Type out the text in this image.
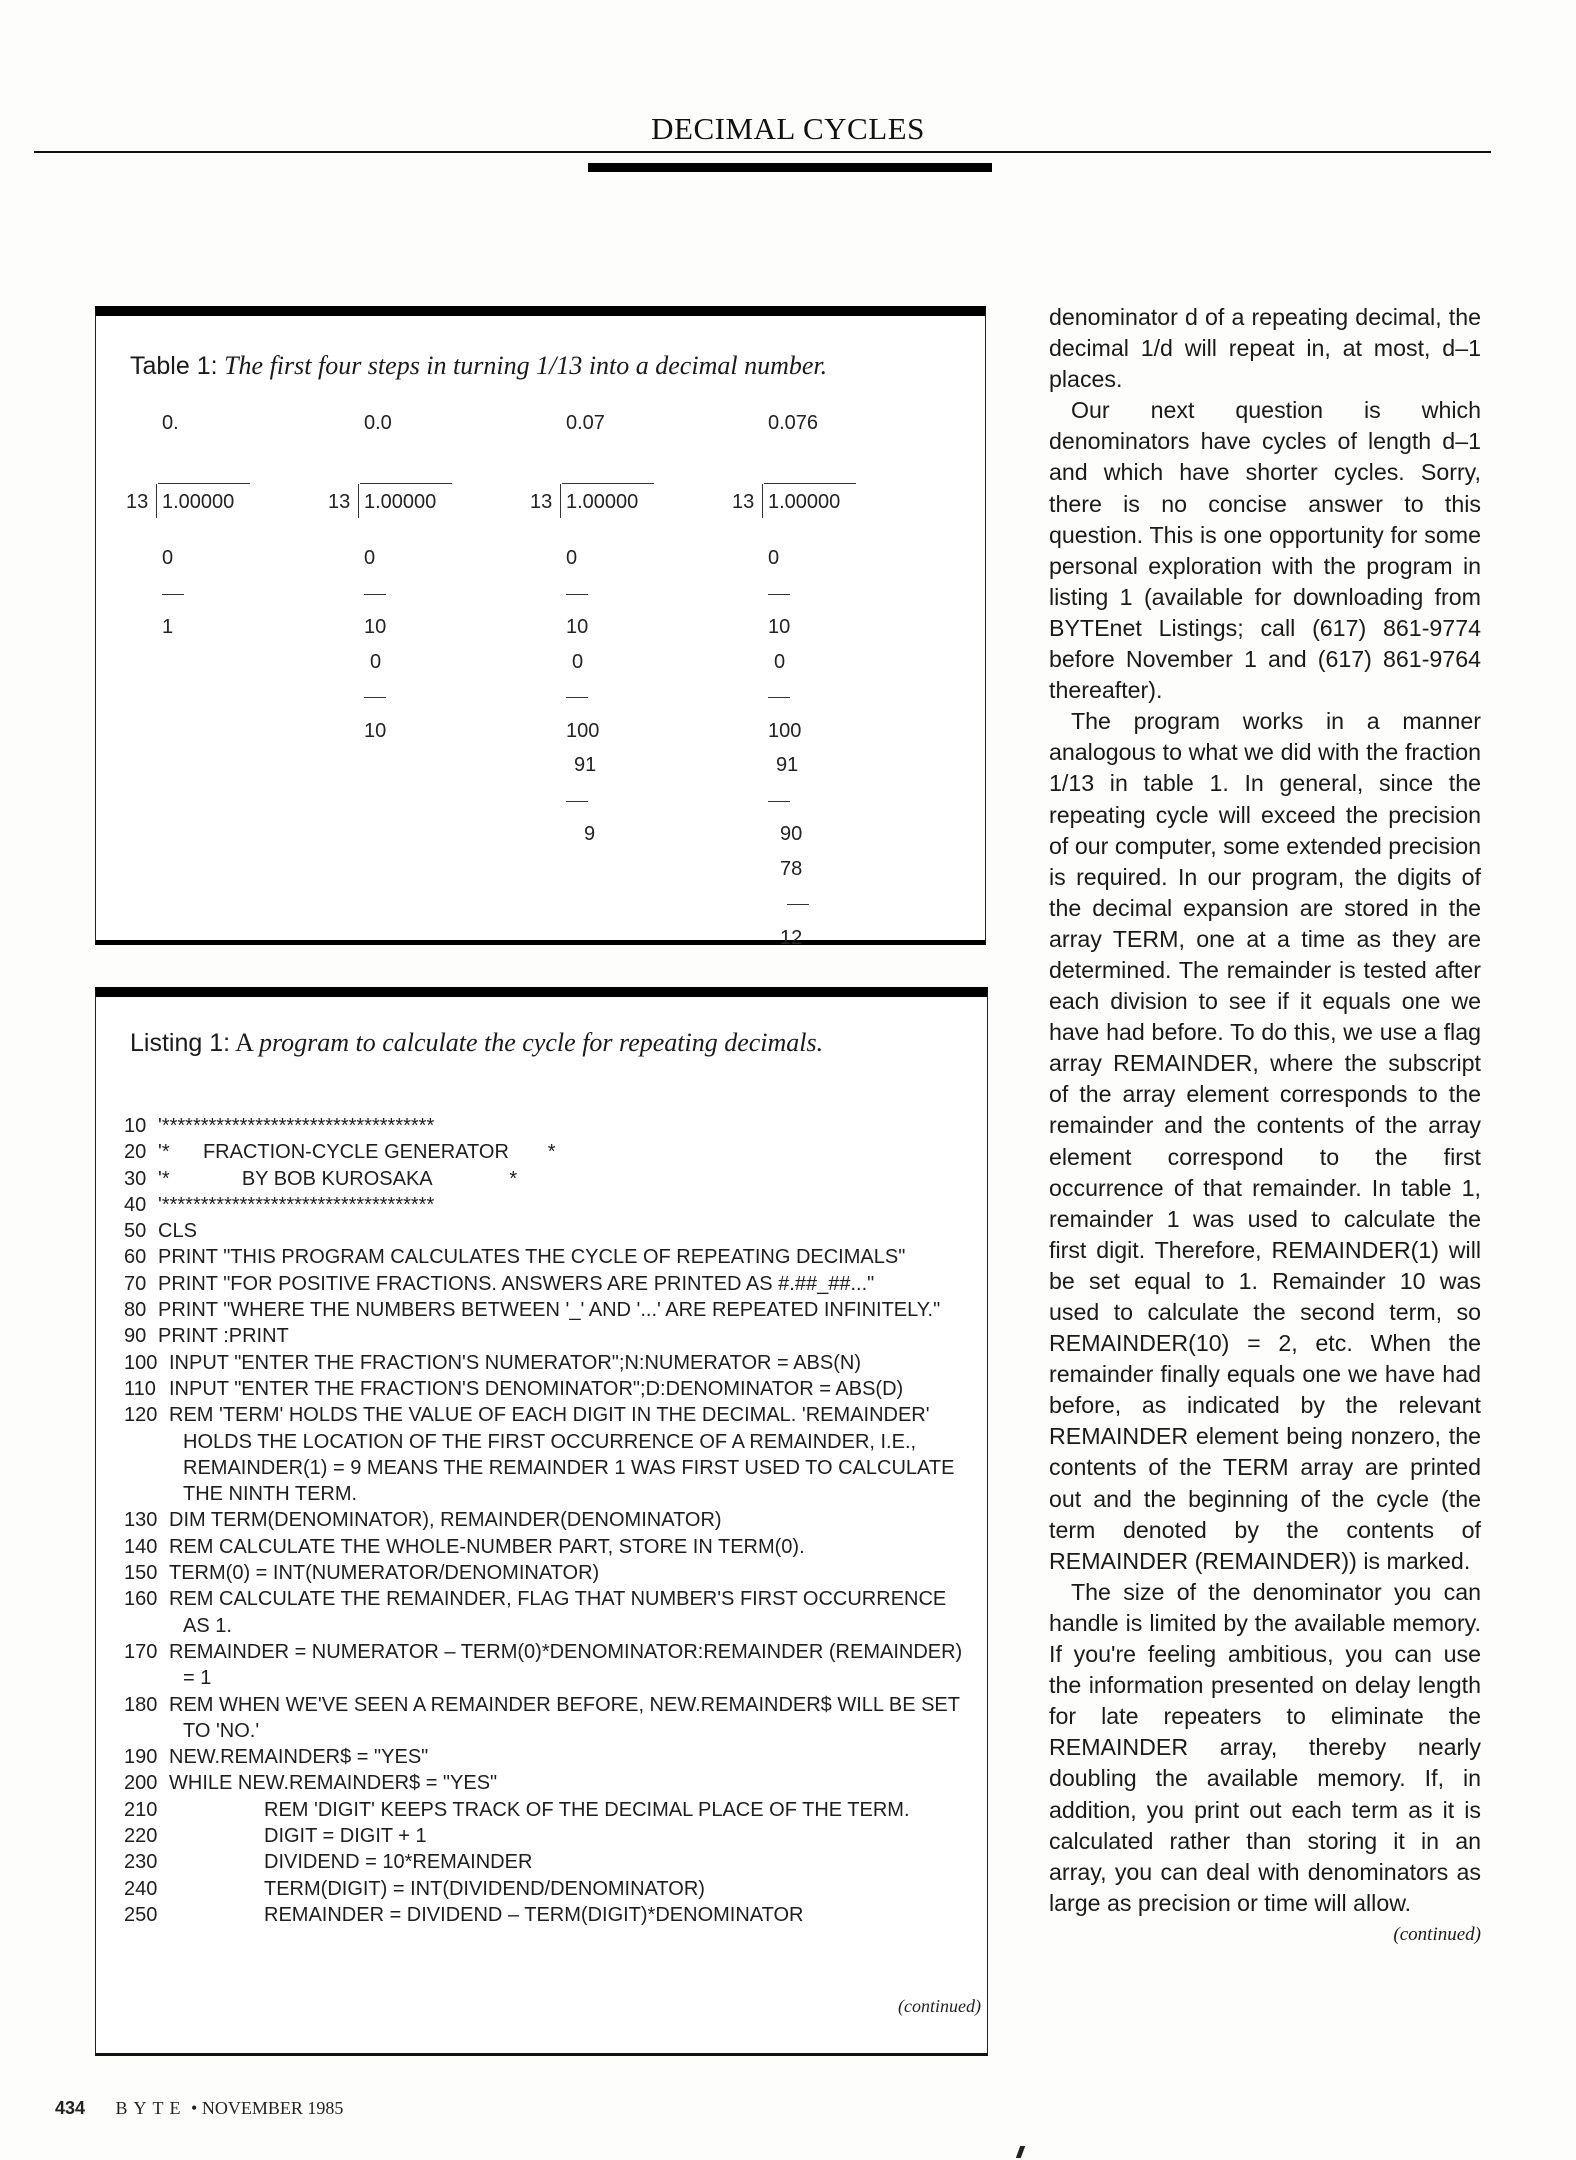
DECIMAL CYCLES
Table 1: The first four steps in turning 1/13 into a decimal number.
0.
13 1.00000
0
1
0.0
13 1.00000
0
10
0
10
0.07
13 1.00000
0
10
0
100
91
9
0.076
13 1.00000
0
10
0
100
91
90
78
12
Listing 1: A program to calculate the cycle for repeating decimals.
10 '***********************************
20 '*      FRACTION-CYCLE GENERATOR       *
30 '*             BY BOB KUROSAKA              *
40 '***********************************
50 CLS
60 PRINT "THIS PROGRAM CALCULATES THE CYCLE OF REPEATING DECIMALS"
70 PRINT "FOR POSITIVE FRACTIONS. ANSWERS ARE PRINTED AS #.##_##..."
80 PRINT "WHERE THE NUMBERS BETWEEN '_' AND '...' ARE REPEATED INFINITELY."
90 PRINT :PRINT
100 INPUT "ENTER THE FRACTION'S NUMERATOR";N:NUMERATOR = ABS(N)
110 INPUT "ENTER THE FRACTION'S DENOMINATOR";D:DENOMINATOR = ABS(D)
120 REM 'TERM' HOLDS THE VALUE OF EACH DIGIT IN THE DECIMAL. 'REMAINDER' HOLDS THE LOCATION OF THE FIRST OCCURRENCE OF A REMAINDER, I.E., REMAINDER(1) = 9 MEANS THE REMAINDER 1 WAS FIRST USED TO CALCULATE THE NINTH TERM.
130 DIM TERM(DENOMINATOR), REMAINDER(DENOMINATOR)
140 REM CALCULATE THE WHOLE-NUMBER PART, STORE IN TERM(0).
150 TERM(0) = INT(NUMERATOR/DENOMINATOR)
160 REM CALCULATE THE REMAINDER, FLAG THAT NUMBER'S FIRST OCCURRENCE AS 1.
170 REMAINDER = NUMERATOR – TERM(0)*DENOMINATOR:REMAINDER (REMAINDER) = 1
180 REM WHEN WE'VE SEEN A REMAINDER BEFORE, NEW.REMAINDER$ WILL BE SET TO 'NO.'
190 NEW.REMAINDER$ = "YES"
200 WHILE NEW.REMAINDER$ = "YES"
210	REM 'DIGIT' KEEPS TRACK OF THE DECIMAL PLACE OF THE TERM.
220	DIGIT = DIGIT + 1
230	DIVIDEND = 10*REMAINDER
240	TERM(DIGIT) = INT(DIVIDEND/DENOMINATOR)
250	REMAINDER = DIVIDEND – TERM(DIGIT)*DENOMINATOR
(continued)

denominator d of a repeating decimal, the decimal 1/d will repeat in, at most, d–1 places.

Our next question is which denominators have cycles of length d–1 and which have shorter cycles. Sorry, there is no concise answer to this question. This is one opportunity for some personal exploration with the program in listing 1 (available for downloading from BYTEnet Listings; call (617) 861-9774 before November 1 and (617) 861-9764 thereafter).

The program works in a manner analogous to what we did with the fraction 1/13 in table 1. In general, since the repeating cycle will exceed the precision of our computer, some extended precision is required. In our program, the digits of the decimal expansion are stored in the array TERM, one at a time as they are determined. The remainder is tested after each division to see if it equals one we have had before. To do this, we use a flag array REMAINDER, where the subscript of the array element corresponds to the remainder and the contents of the array element correspond to the first occurrence of that remainder. In table 1, remainder 1 was used to calculate the first digit. Therefore, REMAINDER(1) will be set equal to 1. Remainder 10 was used to calculate the second term, so REMAINDER(10) = 2, etc. When the remainder finally equals one we have had before, as indicated by the relevant REMAINDER element being nonzero, the contents of the TERM array are printed out and the beginning of the cycle (the term denoted by the contents of REMAINDER (REMAINDER)) is marked.

The size of the denominator you can handle is limited by the available memory. If you're feeling ambitious, you can use the information presented on delay length for late repeaters to eliminate the REMAINDER array, thereby nearly doubling the available memory. If, in addition, you print out each term as it is calculated rather than storing it in an array, you can deal with denominators as large as precision or time will allow.

(continued)
434 BYTE • NOVEMBER 1985
